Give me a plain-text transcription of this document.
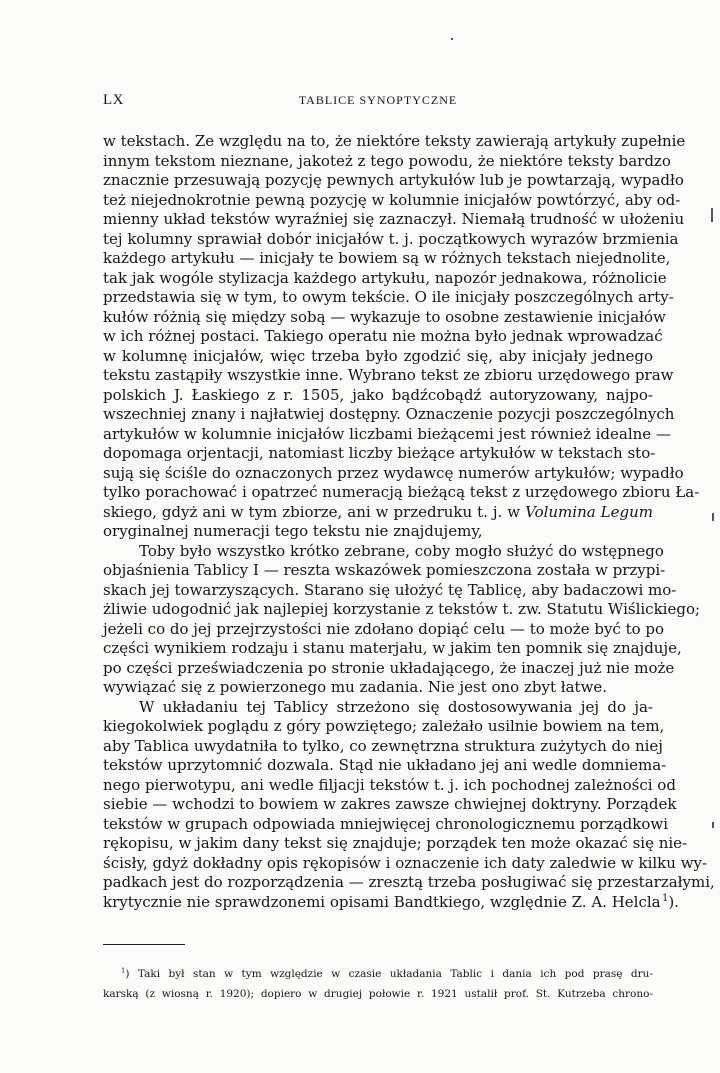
LX	TABLICE SYNOPTYCZNE
w tekstach. Ze względu na to, że niektóre teksty zawierają artykuły zupełnie
innym tekstom nieznane, jakoteż z tego powodu, że niektóre teksty bardzo
znacznie przesuwają pozycję pewnych artykułów lub je powtarzają, wypadło
też niejednokrotnie pewną pozycję w kolumnie inicjałów powtórzyć, aby od-
mienny układ tekstów wyraźniej się zaznaczył. Niemałą trudność w ułożeniu
tej kolumny sprawiał dobór inicjałów t. j. początkowych wyrazów brzmienia
każdego artykułu — inicjały te bowiem są w różnych tekstach niejednolite,
tak jak wogóle stylizacja każdego artykułu, napozór jednakowa, różnolicie
przedstawia się w tym, to owym tekście. O ile inicjały poszczególnych arty-
kułów różnią się między sobą — wykazuje to osobne zestawienie inicjałów
w ich różnej postaci. Takiego operatu nie można było jednak wprowadzać
w kolumnę inicjałów, więc trzeba było zgodzić się, aby inicjały jednego
tekstu zastąpiły wszystkie inne. Wybrano tekst ze zbioru urzędowego praw
polskich J. Łaskiego z r. 1505, jako bądźcobądź autoryzowany, najpo-
wszechniej znany i najłatwiej dostępny. Oznaczenie pozycji poszczególnych
artykułów w kolumnie inicjałów liczbami bieżącemi jest również idealne —
dopomaga orjentacji, natomiast liczby bieżące artykułów w tekstach sto-
sują się ściśle do oznaczonych przez wydawcę numerów artykułów; wypadło
tylko porachować i opatrzeć numeracją bieżącą tekst z urzędowego zbioru Ła-
skiego, gdyż ani w tym zbiorze, ani w przedruku t. j. w Volumina Legum
oryginalnej numeracji tego tekstu nie znajdujemy,
Toby było wszystko krótko zebrane, coby mogło służyć do wstępnego
objaśnienia Tablicy I — reszta wskazówek pomieszczona została w przypi-
skach jej towarzyszących. Starano się ułożyć tę Tablicę, aby badaczowi mo-
żliwie udogodnić jak najlepiej korzystanie z tekstów t. zw. Statutu Wiślickiego;
jeżeli co do jej przejrzystości nie zdołano dopiąć celu — to może być to po
części wynikiem rodzaju i stanu materjału, w jakim ten pomnik się znajduje,
po części przeświadczenia po stronie układającego, że inaczej już nie może
wywiązać się z powierzonego mu zadania. Nie jest ono zbyt łatwe.
W układaniu tej Tablicy strzeżono się dostosowywania jej do ja-
kiegokolwiek poglądu z góry powziętego; zależało usilnie bowiem na tem,
aby Tablica uwydatniła to tylko, co zewnętrzna struktura zużytych do niej
tekstów uprzytomnić dozwala. Stąd nie układano jej ani wedle domniema-
nego pierwotypu, ani wedle filjacji tekstów t. j. ich pochodnej zależności od
siebie — wchodzi to bowiem w zakres zawsze chwiejnej doktryny. Porządek
tekstów w grupach odpowiada mniejwięcej chronologicznemu porządkowi
rękopisu, w jakim dany tekst się znajduje; porządek ten może okazać się nie-
ścisły, gdyż dokładny opis rękopisów i oznaczenie ich daty zaledwie w kilku wy-
padkach jest do rozporządzenia — zresztą trzeba posługiwać się przestarzałymi,
krytycznie nie sprawdzonemi opisami Bandtkiego, względnie Z. A. Helcla  $^1$).
$^1$) Taki był stan w tym względzie w czasie układania Tablic i dania ich pod prasę dru-
karską (z wiosną r. 1920); dopiero w drugiej połowie r. 1921 ustalił prof. St. Kutrzeba chrono-
